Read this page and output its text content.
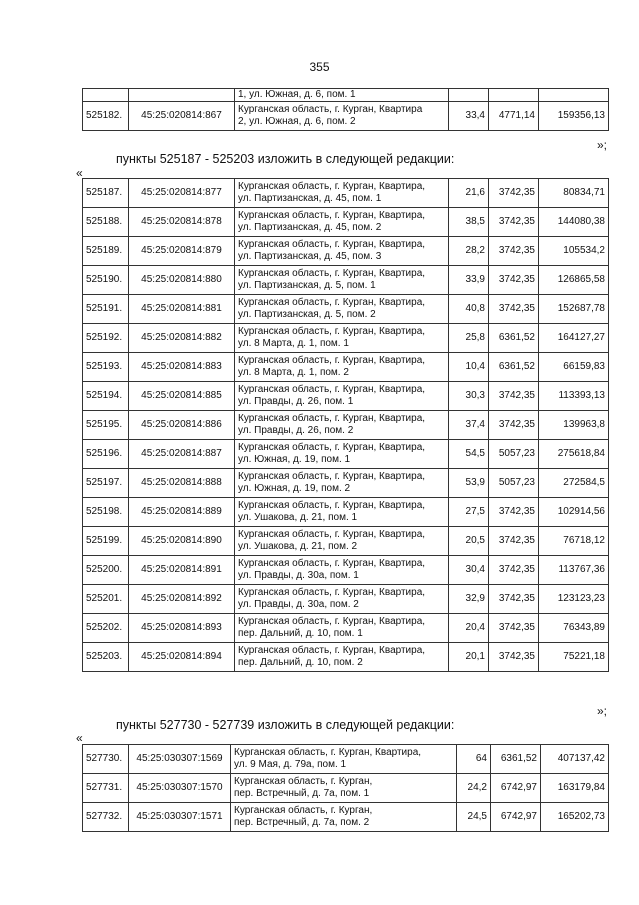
355

		1, ул. Южная, д. 6, пом. 1			

525182.	45:25:020814:867	Курганская область, г. Курган, Квартира
2, ул. Южная, д. 6, пом. 2	33,4	4771,14	159356,13
»;
пункты 525187 - 525203 изложить в следующей редакции:
«
525187.	45:25:020814:877	Курганская область, г. Курган, Квартира,
ул. Партизанская, д. 45, пом. 1	21,6	3742,35	80834,71
525188.	45:25:020814:878	Курганская область, г. Курган, Квартира,
ул. Партизанская, д. 45, пом. 2	38,5	3742,35	144080,38
525189.	45:25:020814:879	Курганская область, г. Курган, Квартира,
ул. Партизанская, д. 45, пом. 3	28,2	3742,35	105534,2
525190.	45:25:020814:880	Курганская область, г. Курган, Квартира,
ул. Партизанская, д. 5, пом. 1	33,9	3742,35	126865,58
525191.	45:25:020814:881	Курганская область, г. Курган, Квартира,
ул. Партизанская, д. 5, пом. 2	40,8	3742,35	152687,78
525192.	45:25:020814:882	Курганская область, г. Курган, Квартира,
ул. 8 Марта, д. 1, пом. 1	25,8	6361,52	164127,27
525193.	45:25:020814:883	Курганская область, г. Курган, Квартира,
ул. 8 Марта, д. 1, пом. 2	10,4	6361,52	66159,83
525194.	45:25:020814:885	Курганская область, г. Курган, Квартира,
ул. Правды, д. 26, пом. 1	30,3	3742,35	113393,13
525195.	45:25:020814:886	Курганская область, г. Курган, Квартира,
ул. Правды, д. 26, пом. 2	37,4	3742,35	139963,8
525196.	45:25:020814:887	Курганская область, г. Курган, Квартира,
ул. Южная, д. 19, пом. 1	54,5	5057,23	275618,84
525197.	45:25:020814:888	Курганская область, г. Курган, Квартира,
ул. Южная, д. 19, пом. 2	53,9	5057,23	272584,5
525198.	45:25:020814:889	Курганская область, г. Курган, Квартира,
ул. Ушакова, д. 21, пом. 1	27,5	3742,35	102914,56
525199.	45:25:020814:890	Курганская область, г. Курган, Квартира,
ул. Ушакова, д. 21, пом. 2	20,5	3742,35	76718,12
525200.	45:25:020814:891	Курганская область, г. Курган, Квартира,
ул. Правды, д. 30а, пом. 1	30,4	3742,35	113767,36
525201.	45:25:020814:892	Курганская область, г. Курган, Квартира,
ул. Правды, д. 30а, пом. 2	32,9	3742,35	123123,23
525202.	45:25:020814:893	Курганская область, г. Курган, Квартира,
пер. Дальний, д. 10, пом. 1	20,4	3742,35	76343,89
525203.	45:25:020814:894	Курганская область, г. Курган, Квартира,
пер. Дальний, д. 10, пом. 2	20,1	3742,35	75221,18
»;
пункты 527730 - 527739 изложить в следующей редакции:
«
527730.	45:25:030307:1569	Курганская область, г. Курган, Квартира,
ул. 9 Мая, д. 79а, пом. 1	64	6361,52	407137,42
527731.	45:25:030307:1570	Курганская область, г. Курган,
пер. Встречный, д. 7а, пом. 1	24,2	6742,97	163179,84
527732.	45:25:030307:1571	Курганская область, г. Курган,
пер. Встречный, д. 7а, пом. 2	24,5	6742,97	165202,73
